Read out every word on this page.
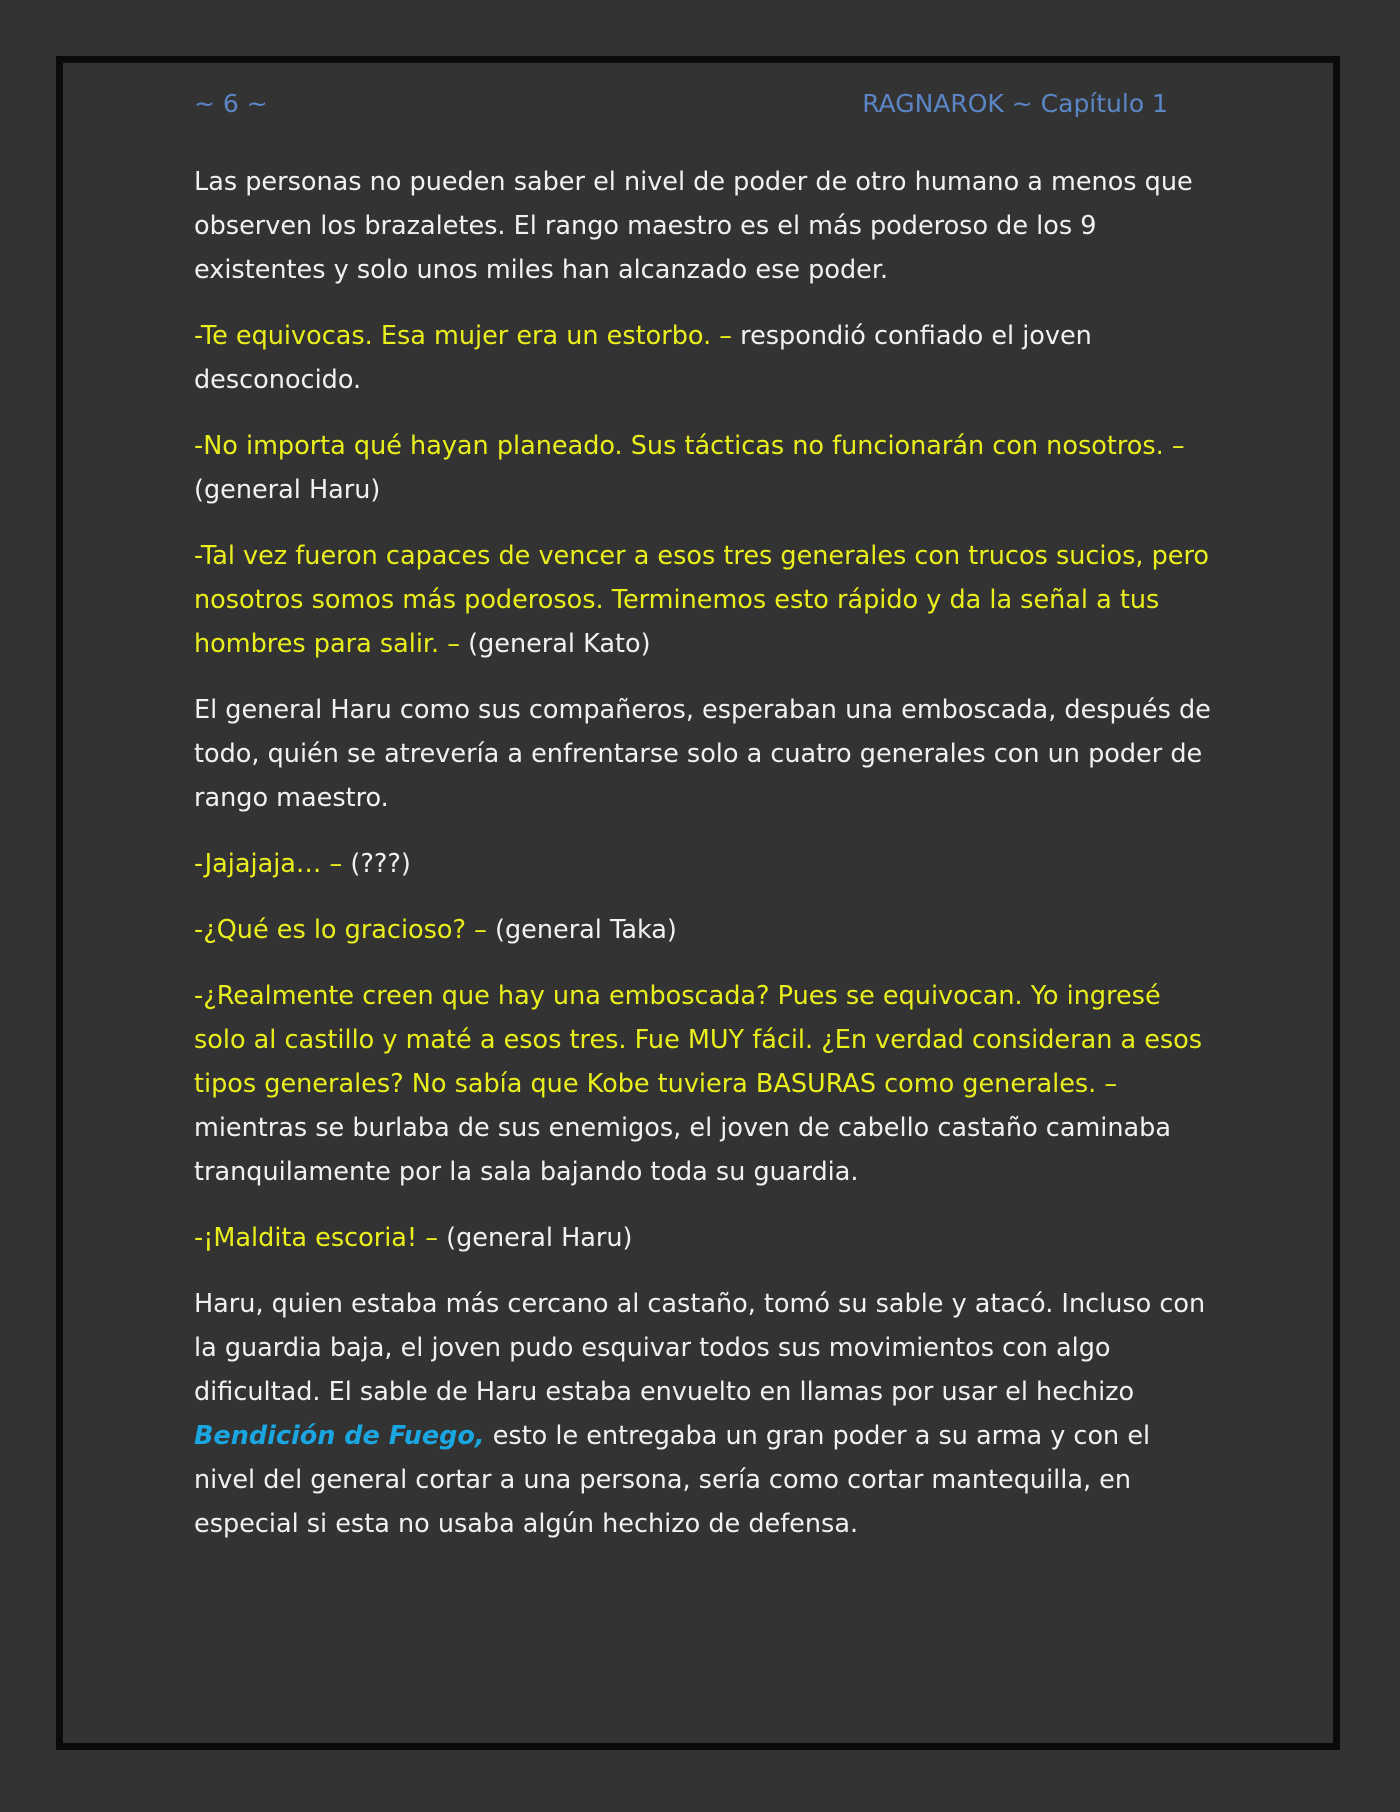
~ 6 ~	RAGNAROK ~ Capítulo 1

Las personas no pueden saber el nivel de poder de otro humano a menos que observen los brazaletes. El rango maestro es el más poderoso de los 9 existentes y solo unos miles han alcanzado ese poder.

-Te equivocas. Esa mujer era un estorbo. – respondió confiado el joven desconocido.

-No importa qué hayan planeado. Sus tácticas no funcionarán con nosotros. – (general Haru)

-Tal vez fueron capaces de vencer a esos tres generales con trucos sucios, pero nosotros somos más poderosos. Terminemos esto rápido y da la señal a tus hombres para salir. – (general Kato)

El general Haru como sus compañeros, esperaban una emboscada, después de todo, quién se atrevería a enfrentarse solo a cuatro generales con un poder de rango maestro.

-Jajajaja… – (???)

-¿Qué es lo gracioso? – (general Taka)

-¿Realmente creen que hay una emboscada? Pues se equivocan. Yo ingresé solo al castillo y maté a esos tres. Fue MUY fácil. ¿En verdad consideran a esos tipos generales? No sabía que Kobe tuviera BASURAS como generales. – mientras se burlaba de sus enemigos, el joven de cabello castaño caminaba tranquilamente por la sala bajando toda su guardia.

-¡Maldita escoria! – (general Haru)

Haru, quien estaba más cercano al castaño, tomó su sable y atacó. Incluso con la guardia baja, el joven pudo esquivar todos sus movimientos con algo dificultad. El sable de Haru estaba envuelto en llamas por usar el hechizo Bendición de Fuego, esto le entregaba un gran poder a su arma y con el nivel del general cortar a una persona, sería como cortar mantequilla, en especial si esta no usaba algún hechizo de defensa.
